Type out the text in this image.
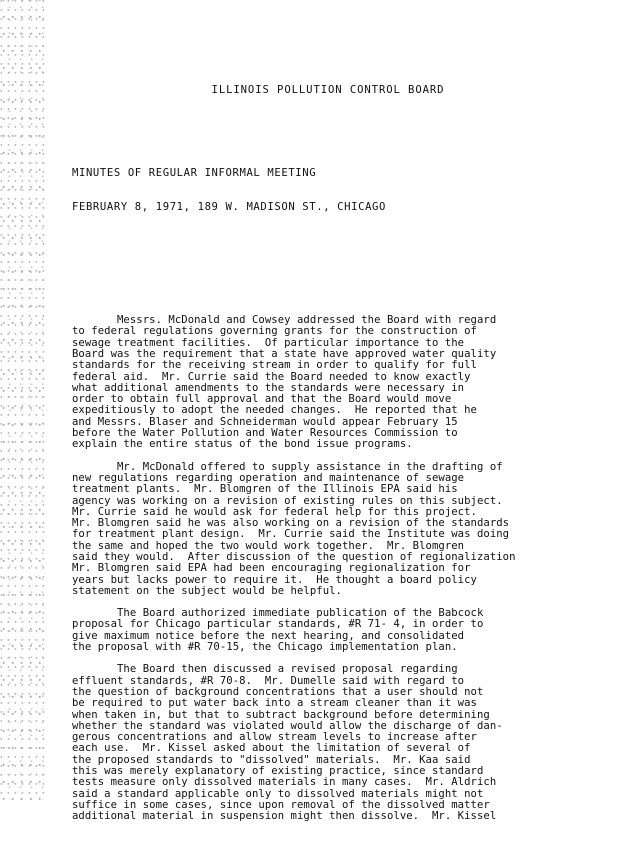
ILLINOIS POLLUTION CONTROL BOARD

MINUTES OF REGULAR INFORMAL MEETING

FEBRUARY 8, 1971, 189 W. MADISON ST., CHICAGO

Messrs. McDonald and Cowsey addressed the Board with regard
to federal regulations governing grants for the construction of
sewage treatment facilities.  Of particular importance to the
Board was the requirement that a state have approved water quality
standards for the receiving stream in order to qualify for full
federal aid.  Mr. Currie said the Board needed to know exactly
what additional amendments to the standards were necessary in
order to obtain full approval and that the Board would move
expeditiously to adopt the needed changes.  He reported that he
and Messrs. Blaser and Schneiderman would appear February 15
before the Water Pollution and Water Resources Commission to
explain the entire status of the bond issue programs.
Mr. McDonald offered to supply assistance in the drafting of
new regulations regarding operation and maintenance of sewage
treatment plants.  Mr. Blomgren of the Illinois EPA said his
agency was working on a revision of existing rules on this subject.
Mr. Currie said he would ask for federal help for this project.
Mr. Blomgren said he was also working on a revision of the standards
for treatment plant design.  Mr. Currie said the Institute was doing
the same and hoped the two would work together.  Mr. Blomgren
said they would.  After discussion of the question of regionalization
Mr. Blomgren said EPA had been encouraging regionalization for
years but lacks power to require it.  He thought a board policy
statement on the subject would be helpful.
The Board authorized immediate publication of the Babcock
proposal for Chicago particular standards, #R 71- 4, in order to
give maximum notice before the next hearing, and consolidated
the proposal with #R 70-15, the Chicago implementation plan.
The Board then discussed a revised proposal regarding
effluent standards, #R 70-8.  Mr. Dumelle said with regard to
the question of background concentrations that a user should not
be required to put water back into a stream cleaner than it was
when taken in, but that to subtract background before determining
whether the standard was violated would allow the discharge of dan-
gerous concentrations and allow stream levels to increase after
each use.  Mr. Kissel asked about the limitation of several of
the proposed standards to "dissolved" materials.  Mr. Kaa said
this was merely explanatory of existing practice, since standard
tests measure only dissolved materials in many cases.  Mr. Aldrich
said a standard applicable only to dissolved materials might not
suffice in some cases, since upon removal of the dissolved matter
additional material in suspension might then dissolve.  Mr. Kissel
